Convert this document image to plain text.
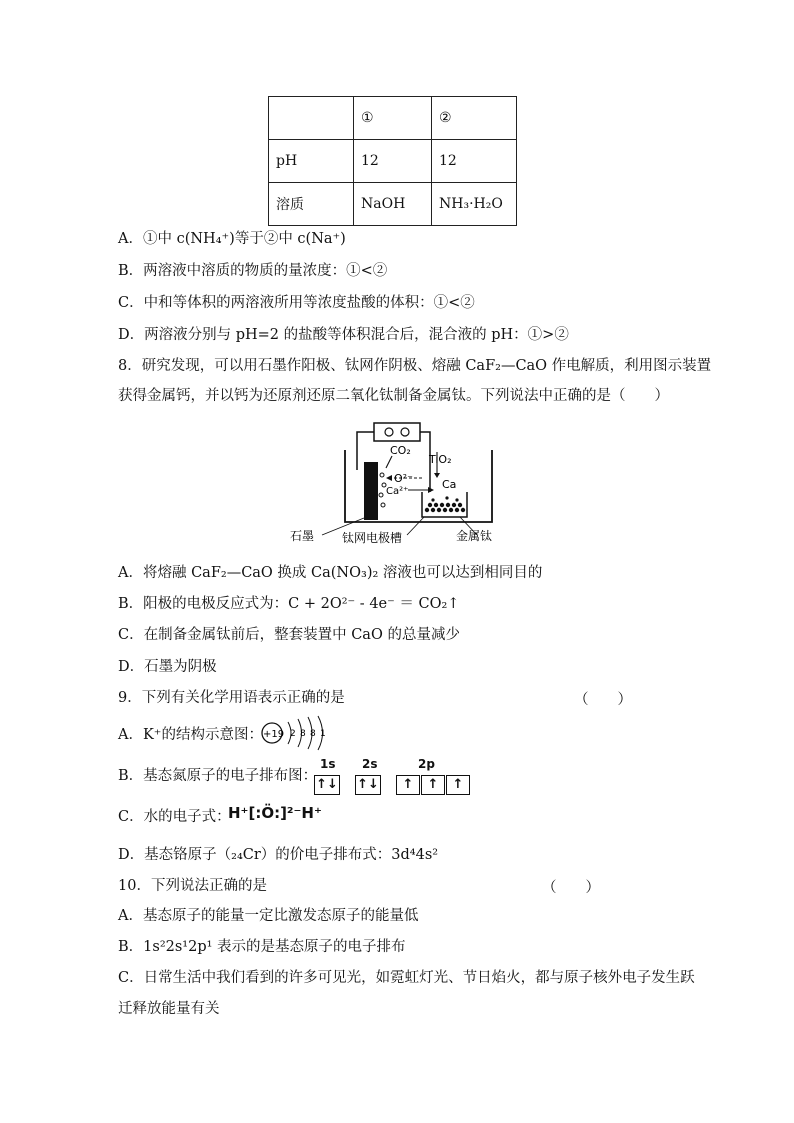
	①	②
pH	12	12
溶质	NaOH	NH₃·H₂O
A．①中 c(NH₄⁺)等于②中 c(Na⁺)
B．两溶液中溶质的物质的量浓度：①<②
C．中和等体积的两溶液所用等浓度盐酸的体积：①<②
D．两溶液分别与 pH=2 的盐酸等体积混合后，混合液的 pH：①>②
8．研究发现，可以用石墨作阳极、钛网作阴极、熔融 CaF₂—CaO 作电解质，利用图示装置
获得金属钙，并以钙为还原剂还原二氧化钛制备金属钛。下列说法中正确的是（　　）
CO₂
TiO₂
O²⁻
Ca²⁺
Ca
石墨 钛网电极槽	金属钛
A．将熔融 CaF₂—CaO 换成 Ca(NO₃)₂ 溶液也可以达到相同目的
B．阳极的电极反应式为：C + 2O²⁻ - 4e⁻ ＝ CO₂↑
C．在制备金属钛前后，整套装置中 CaO 的总量减少
D．石墨为阴极
9．下列有关化学用语表示正确的是	（　　）
A．K⁺的结构示意图： +19 2 8 8 1
B．基态氮原子的电子排布图：
1s 2s	2p
↑↓ ↑↓ ↑ ↑ ↑
C．水的电子式：
H⁺[:Ö:]²⁻H⁺
D．基态铬原子（₂₄Cr）的价电子排布式：3d⁴4s²
10．下列说法正确的是	（　　）
A．基态原子的能量一定比激发态原子的能量低
B．1s²2s¹2p¹ 表示的是基态原子的电子排布
C．日常生活中我们看到的许多可见光，如霓虹灯光、节日焰火，都与原子核外电子发生跃
迁释放能量有关
